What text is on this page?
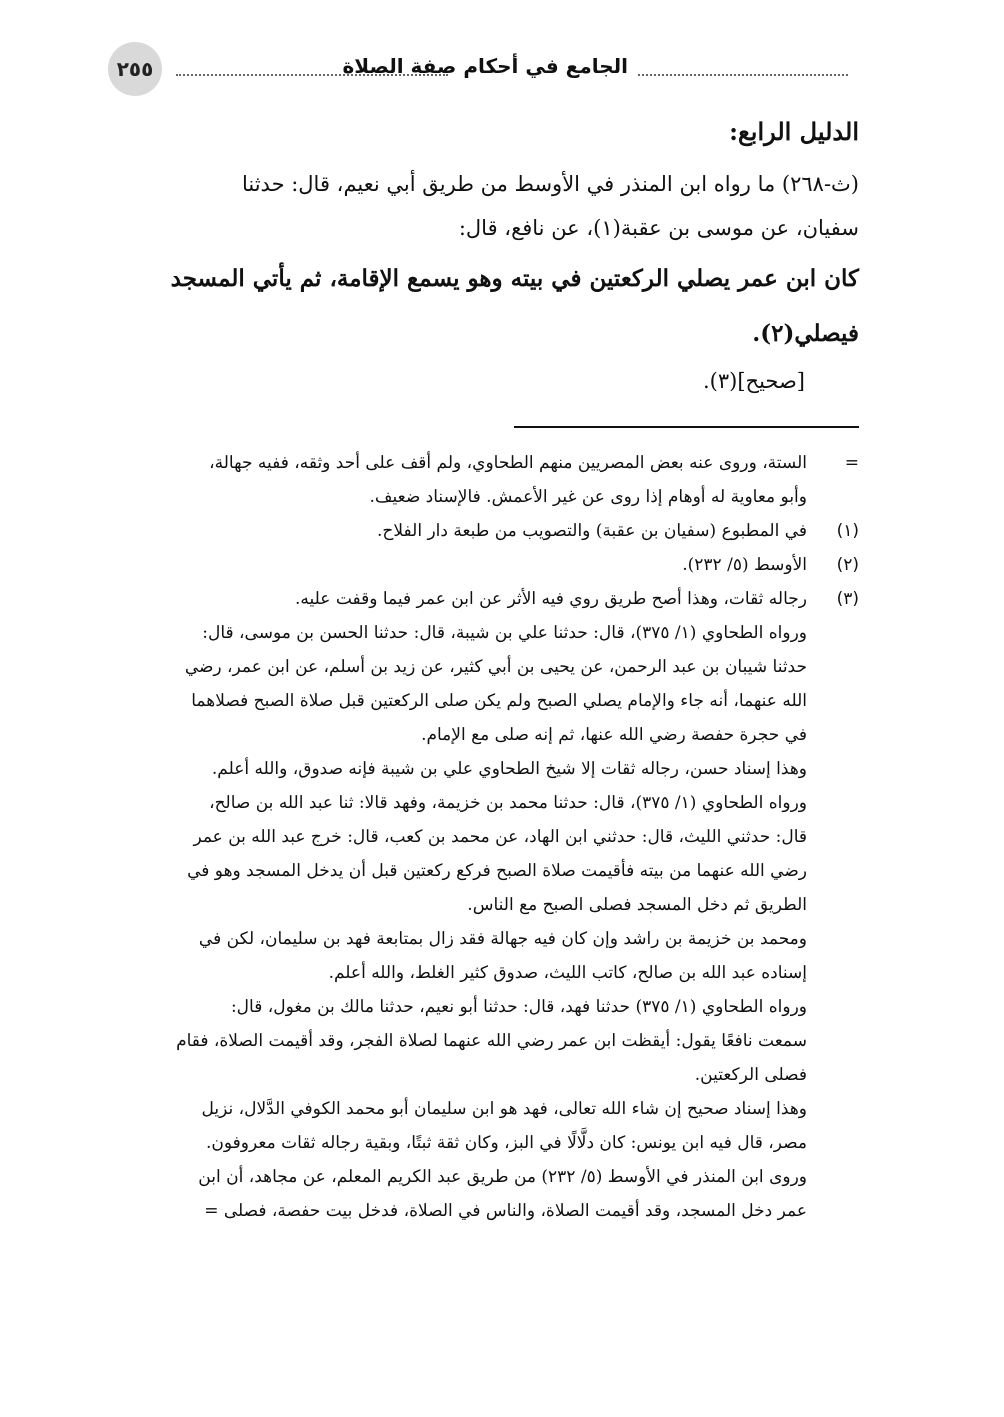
٢٥٥	الجامع في أحكام صفة الصلاة

الدليل الرابع:

(ث-٢٦٨) ما رواه ابن المنذر في الأوسط من طريق أبي نعيم، قال: حدثنا

سفيان، عن موسى بن عقبة(١)، عن نافع، قال:

كان ابن عمر يصلي الركعتين في بيته وهو يسمع الإقامة، ثم يأتي المسجد

فيصلي(٢).

[صحيح](٣).

=
الستة، وروى عنه بعض المصريين منهم الطحاوي، ولم أقف على أحد وثقه، ففيه جهالة،
وأبو معاوية له أوهام إذا روى عن غير الأعمش. فالإسناد ضعيف.

(١)
في المطبوع (سفيان بن عقبة) والتصويب من طبعة دار الفلاح.

(٢)
الأوسط (٥/ ٢٣٢).

(٣)
رجاله ثقات، وهذا أصح طريق روي فيه الأثر عن ابن عمر فيما وقفت عليه.
ورواه الطحاوي (١/ ٣٧٥)، قال: حدثنا علي بن شيبة، قال: حدثنا الحسن بن موسى، قال:
حدثنا شيبان بن عبد الرحمن، عن يحيى بن أبي كثير، عن زيد بن أسلم، عن ابن عمر، رضي
الله عنهما، أنه جاء والإمام يصلي الصبح ولم يكن صلى الركعتين قبل صلاة الصبح فصلاهما
في حجرة حفصة رضي الله عنها، ثم إنه صلى مع الإمام.
وهذا إسناد حسن، رجاله ثقات إلا شيخ الطحاوي علي بن شيبة فإنه صدوق، والله أعلم.
ورواه الطحاوي (١/ ٣٧٥)، قال: حدثنا محمد بن خزيمة، وفهد قالا: ثنا عبد الله بن صالح،
قال: حدثني الليث، قال: حدثني ابن الهاد، عن محمد بن كعب، قال: خرج عبد الله بن عمر
رضي الله عنهما من بيته فأقيمت صلاة الصبح فركع ركعتين قبل أن يدخل المسجد وهو في
الطريق ثم دخل المسجد فصلى الصبح مع الناس.
ومحمد بن خزيمة بن راشد وإن كان فيه جهالة فقد زال بمتابعة فهد بن سليمان، لكن في
إسناده عبد الله بن صالح، كاتب الليث، صدوق كثير الغلط، والله أعلم.
ورواه الطحاوي (١/ ٣٧٥) حدثنا فهد، قال: حدثنا أبو نعيم، حدثنا مالك بن مغول، قال:
سمعت نافعًا يقول: أيقظت ابن عمر رضي الله عنهما لصلاة الفجر، وقد أقيمت الصلاة، فقام
فصلى الركعتين.
وهذا إسناد صحيح إن شاء الله تعالى، فهد هو ابن سليمان أبو محمد الكوفي الدَّلال، نزيل
مصر، قال فيه ابن يونس: كان دلَّالًا في البز، وكان ثقة ثبتًا، وبقية رجاله ثقات معروفون.
وروى ابن المنذر في الأوسط (٥/ ٢٣٢) من طريق عبد الكريم المعلم، عن مجاهد، أن ابن
عمر دخل المسجد، وقد أقيمت الصلاة، والناس في الصلاة، فدخل بيت حفصة، فصلى =
